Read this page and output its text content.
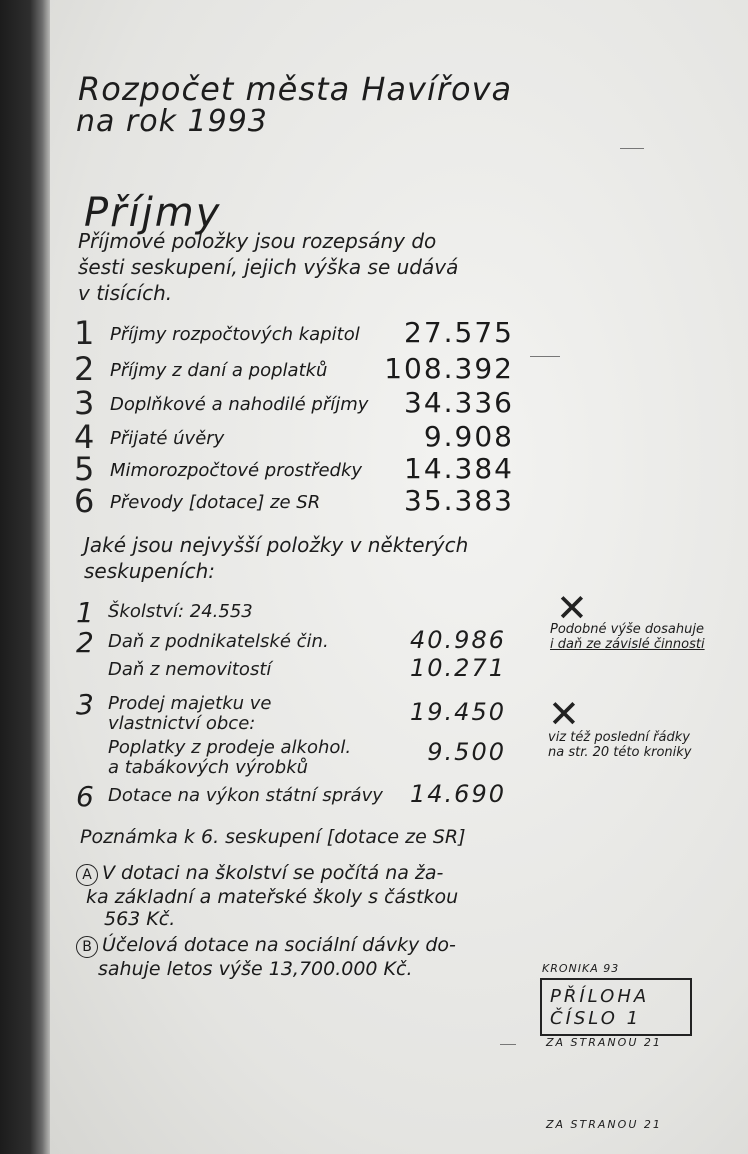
Rozpočet města Havířova
na rok 1993
Příjmy
Příjmové položky jsou rozepsány do
šesti seskupení, jejich výška se udává
v tisících.
1 Příjmy rozpočtových kapitol 27.575
2 Příjmy z daní a poplatků 108.392
3 Doplňkové a nahodilé příjmy 34.336
4 Přijaté úvěry	9.908
5 Mimorozpočtové prostředky 14.384
6 Převody [dotace] ze SR	35.383
Jaké jsou nejvyšší položky v některých
seskupeních:
1 Školství: 24.553
2 Daň z podnikatelské čin.	40.986
Daň z nemovitostí	10.271
3 Prodej majetku ve
vlastnictví obce:	19.450
Poplatky z prodeje alkohol.
a tabákových výrobků
9.500
6 Dotace na výkon státní správy 14.690
Poznámka k 6. seskupení [dotace ze SR]
A V dotaci na školství se počítá na ža-
ka základní a mateřské školy s částkou
563 Kč.
B Účelová dotace na sociální dávky do-
sahuje letos výše 13,700.000 Kč.
✕
Podobné výše dosahuje
i daň ze závislé činnosti
✕
viz též poslední řádky
na str. 20 této kroniky
KRONIKA 93
PŘÍLOHA
ČÍSLO 1
ZA STRANOU 21
ZA STRANOU 21
